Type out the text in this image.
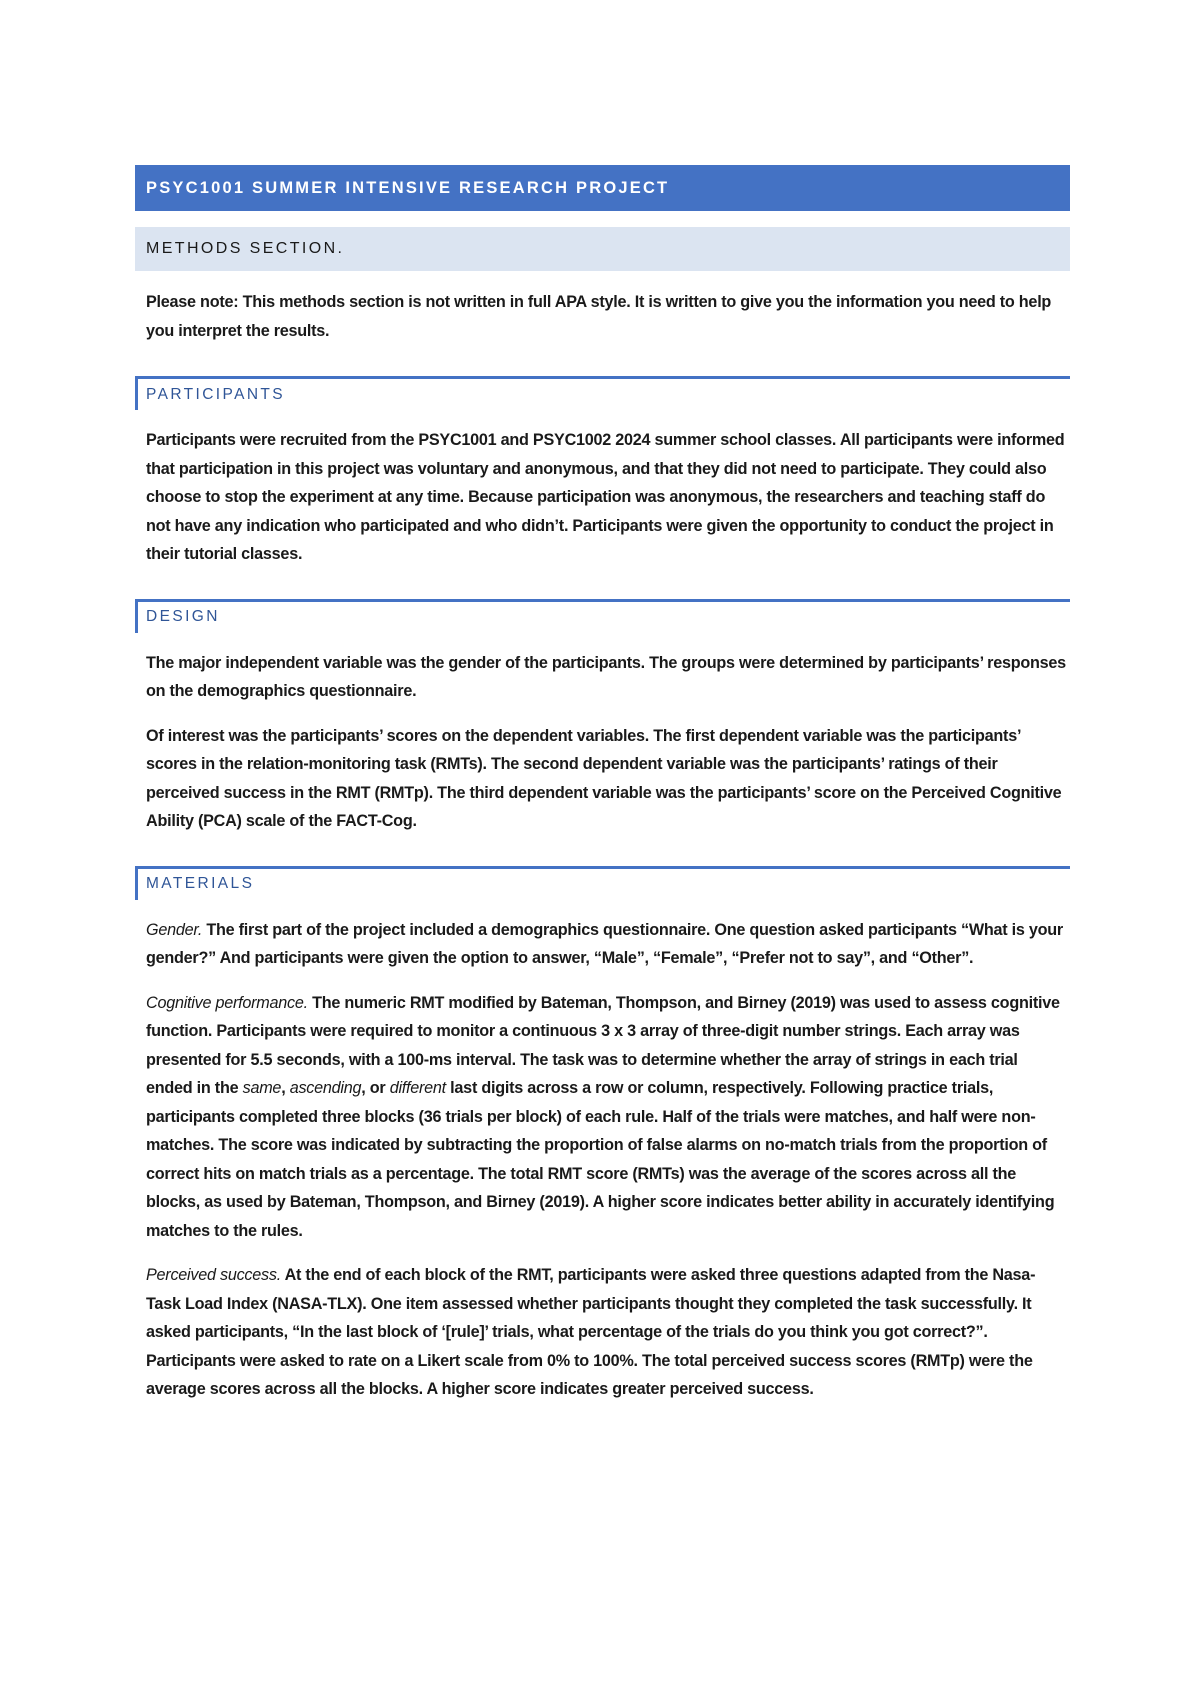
PSYC1001 SUMMER INTENSIVE RESEARCH PROJECT
METHODS SECTION.

Please note: This methods section is not written in full APA style. It is written to give you the information you need to help you interpret the results.

PARTICIPANTS

Participants were recruited from the PSYC1001 and PSYC1002 2024 summer school classes. All participants were informed that participation in this project was voluntary and anonymous, and that they did not need to participate. They could also choose to stop the experiment at any time. Because participation was anonymous, the researchers and teaching staff do not have any indication who participated and who didn’t. Participants were given the opportunity to conduct the project in their tutorial classes.

DESIGN

The major independent variable was the gender of the participants. The groups were determined by participants’ responses on the demographics questionnaire.

Of interest was the participants’ scores on the dependent variables. The first dependent variable was the participants’ scores in the relation-monitoring task (RMTs). The second dependent variable was the participants’ ratings of their perceived success in the RMT (RMTp). The third dependent variable was the participants’ score on the Perceived Cognitive Ability (PCA) scale of the FACT-Cog.

MATERIALS

Gender. The first part of the project included a demographics questionnaire. One question asked participants “What is your gender?” And participants were given the option to answer, “Male”, “Female”, “Prefer not to say”, and “Other”.

Cognitive performance. The numeric RMT modified by Bateman, Thompson, and Birney (2019) was used to assess cognitive function. Participants were required to monitor a continuous 3 x 3 array of three-digit number strings. Each array was presented for 5.5 seconds, with a 100-ms interval. The task was to determine whether the array of strings in each trial ended in the same, ascending, or different last digits across a row or column, respectively. Following practice trials, participants completed three blocks (36 trials per block) of each rule. Half of the trials were matches, and half were non-matches. The score was indicated by subtracting the proportion of false alarms on no-match trials from the proportion of correct hits on match trials as a percentage. The total RMT score (RMTs) was the average of the scores across all the blocks, as used by Bateman, Thompson, and Birney (2019). A higher score indicates better ability in accurately identifying matches to the rules.

Perceived success. At the end of each block of the RMT, participants were asked three questions adapted from the Nasa-Task Load Index (NASA-TLX). One item assessed whether participants thought they completed the task successfully. It asked participants, “In the last block of ‘[rule]’ trials, what percentage of the trials do you think you got correct?”. Participants were asked to rate on a Likert scale from 0% to 100%. The total perceived success scores (RMTp) were the average scores across all the blocks. A higher score indicates greater perceived success.
